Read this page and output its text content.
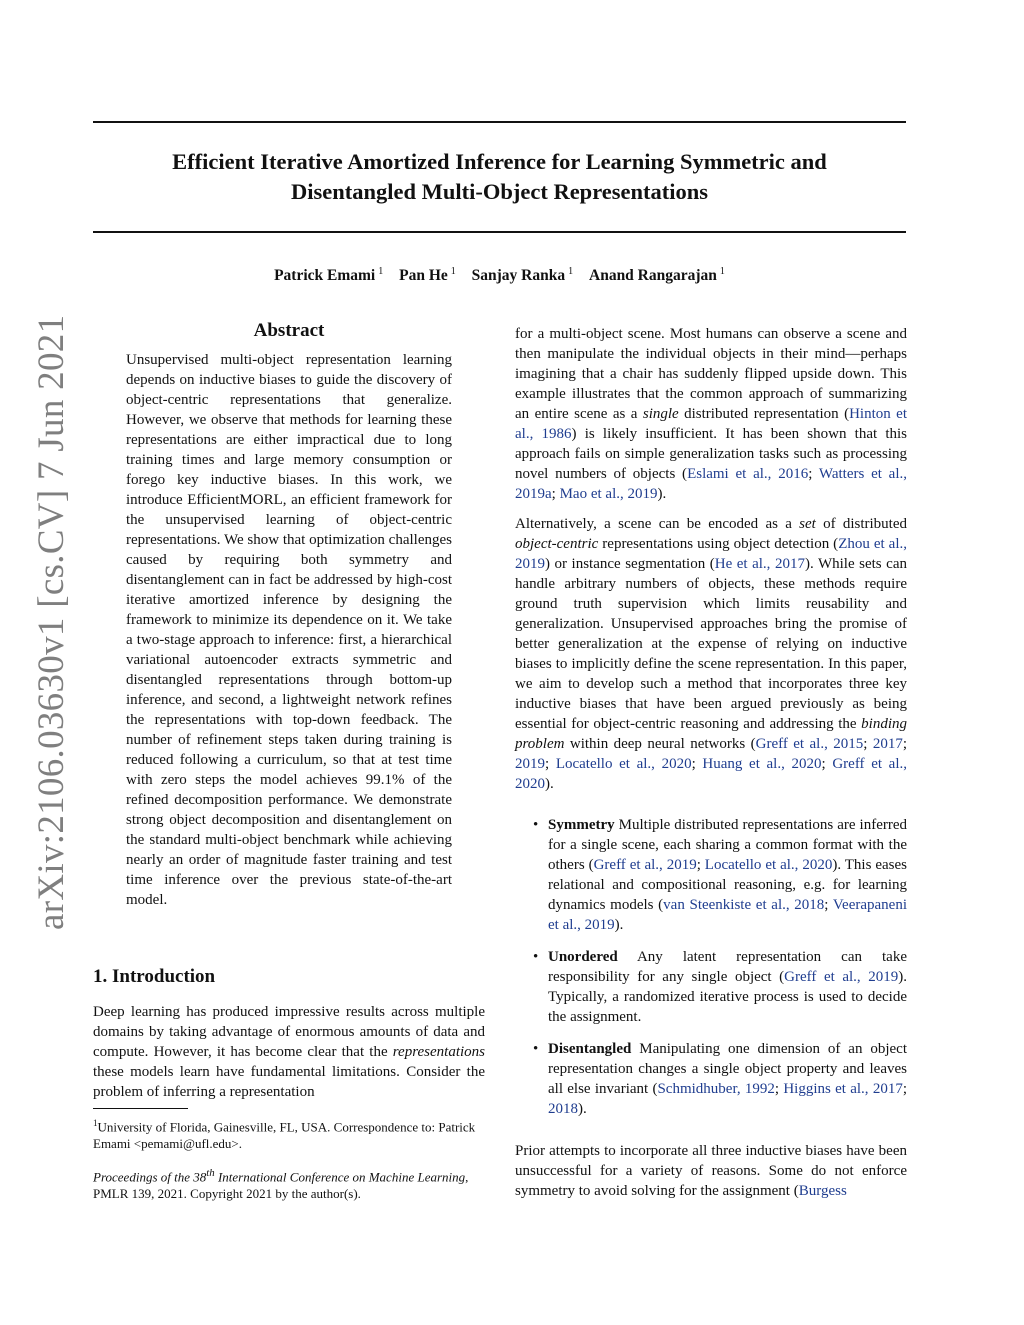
arXiv:2106.03630v1 [cs.CV] 7 Jun 2021
Efficient Iterative Amortized Inference for Learning Symmetric and
Disentangled Multi-Object Representations
Patrick Emami $^1$ Pan He $^1$ Sanjay Ranka $^1$ Anand Rangarajan $^1$
Abstract
Unsupervised multi-object representation learning depends on inductive biases to guide the discovery of object-centric representations that generalize. However, we observe that methods for learning these representations are either impractical due to long training times and large memory consumption or forego key inductive biases. In this work, we introduce EfficientMORL, an efficient framework for the unsupervised learning of object-centric representations. We show that optimization challenges caused by requiring both symmetry and disentanglement can in fact be addressed by high-cost iterative amortized inference by designing the framework to minimize its dependence on it. We take a two-stage approach to inference: first, a hierarchical variational autoencoder extracts symmetric and disentangled representations through bottom-up inference, and second, a lightweight network refines the representations with top-down feedback. The number of refinement steps taken during training is reduced following a curriculum, so that at test time with zero steps the model achieves 99.1% of the refined decomposition performance. We demonstrate strong object decomposition and disentanglement on the standard multi-object benchmark while achieving nearly an order of magnitude faster training and test time inference over the previous state-of-the-art model.
1. Introduction
Deep learning has produced impressive results across multiple domains by taking advantage of enormous amounts of data and compute. However, it has become clear that the representations these models learn have fundamental limitations. Consider the problem of inferring a representation
$^1$University of Florida, Gainesville, FL, USA. Correspondence to: Patrick Emami <pemami@ufl.edu>.
Proceedings of the 38th International Conference on Machine Learning, PMLR 139, 2021. Copyright 2021 by the author(s).

for a multi-object scene. Most humans can observe a scene and then manipulate the individual objects in their mind—perhaps imagining that a chair has suddenly flipped upside down. This example illustrates that the common approach of summarizing an entire scene as a single distributed representation (Hinton et al., 1986) is likely insufficient. It has been shown that this approach fails on simple generalization tasks such as processing novel numbers of objects (Eslami et al., 2016; Watters et al., 2019a; Mao et al., 2019).

Alternatively, a scene can be encoded as a set of distributed object-centric representations using object detection (Zhou et al., 2019) or instance segmentation (He et al., 2017). While sets can handle arbitrary numbers of objects, these methods require ground truth supervision which limits reusability and generalization. Unsupervised approaches bring the promise of better generalization at the expense of relying on inductive biases to implicitly define the scene representation. In this paper, we aim to develop such a method that incorporates three key inductive biases that have been argued previously as being essential for object-centric reasoning and addressing the binding problem within deep neural networks (Greff et al., 2015; 2017; 2019; Locatello et al., 2020; Huang et al., 2020; Greff et al., 2020).

• Symmetry Multiple distributed representations are inferred for a single scene, each sharing a common format with the others (Greff et al., 2019; Locatello et al., 2020). This eases relational and compositional reasoning, e.g. for learning dynamics models (van Steenkiste et al., 2018; Veerapaneni et al., 2019).
• Unordered Any latent representation can take responsibility for any single object (Greff et al., 2019). Typically, a randomized iterative process is used to decide the assignment.
• Disentangled Manipulating one dimension of an object representation changes a single object property and leaves all else invariant (Schmidhuber, 1992; Higgins et al., 2017; 2018).

Prior attempts to incorporate all three inductive biases have been unsuccessful for a variety of reasons. Some do not enforce symmetry to avoid solving for the assignment (Burgess
